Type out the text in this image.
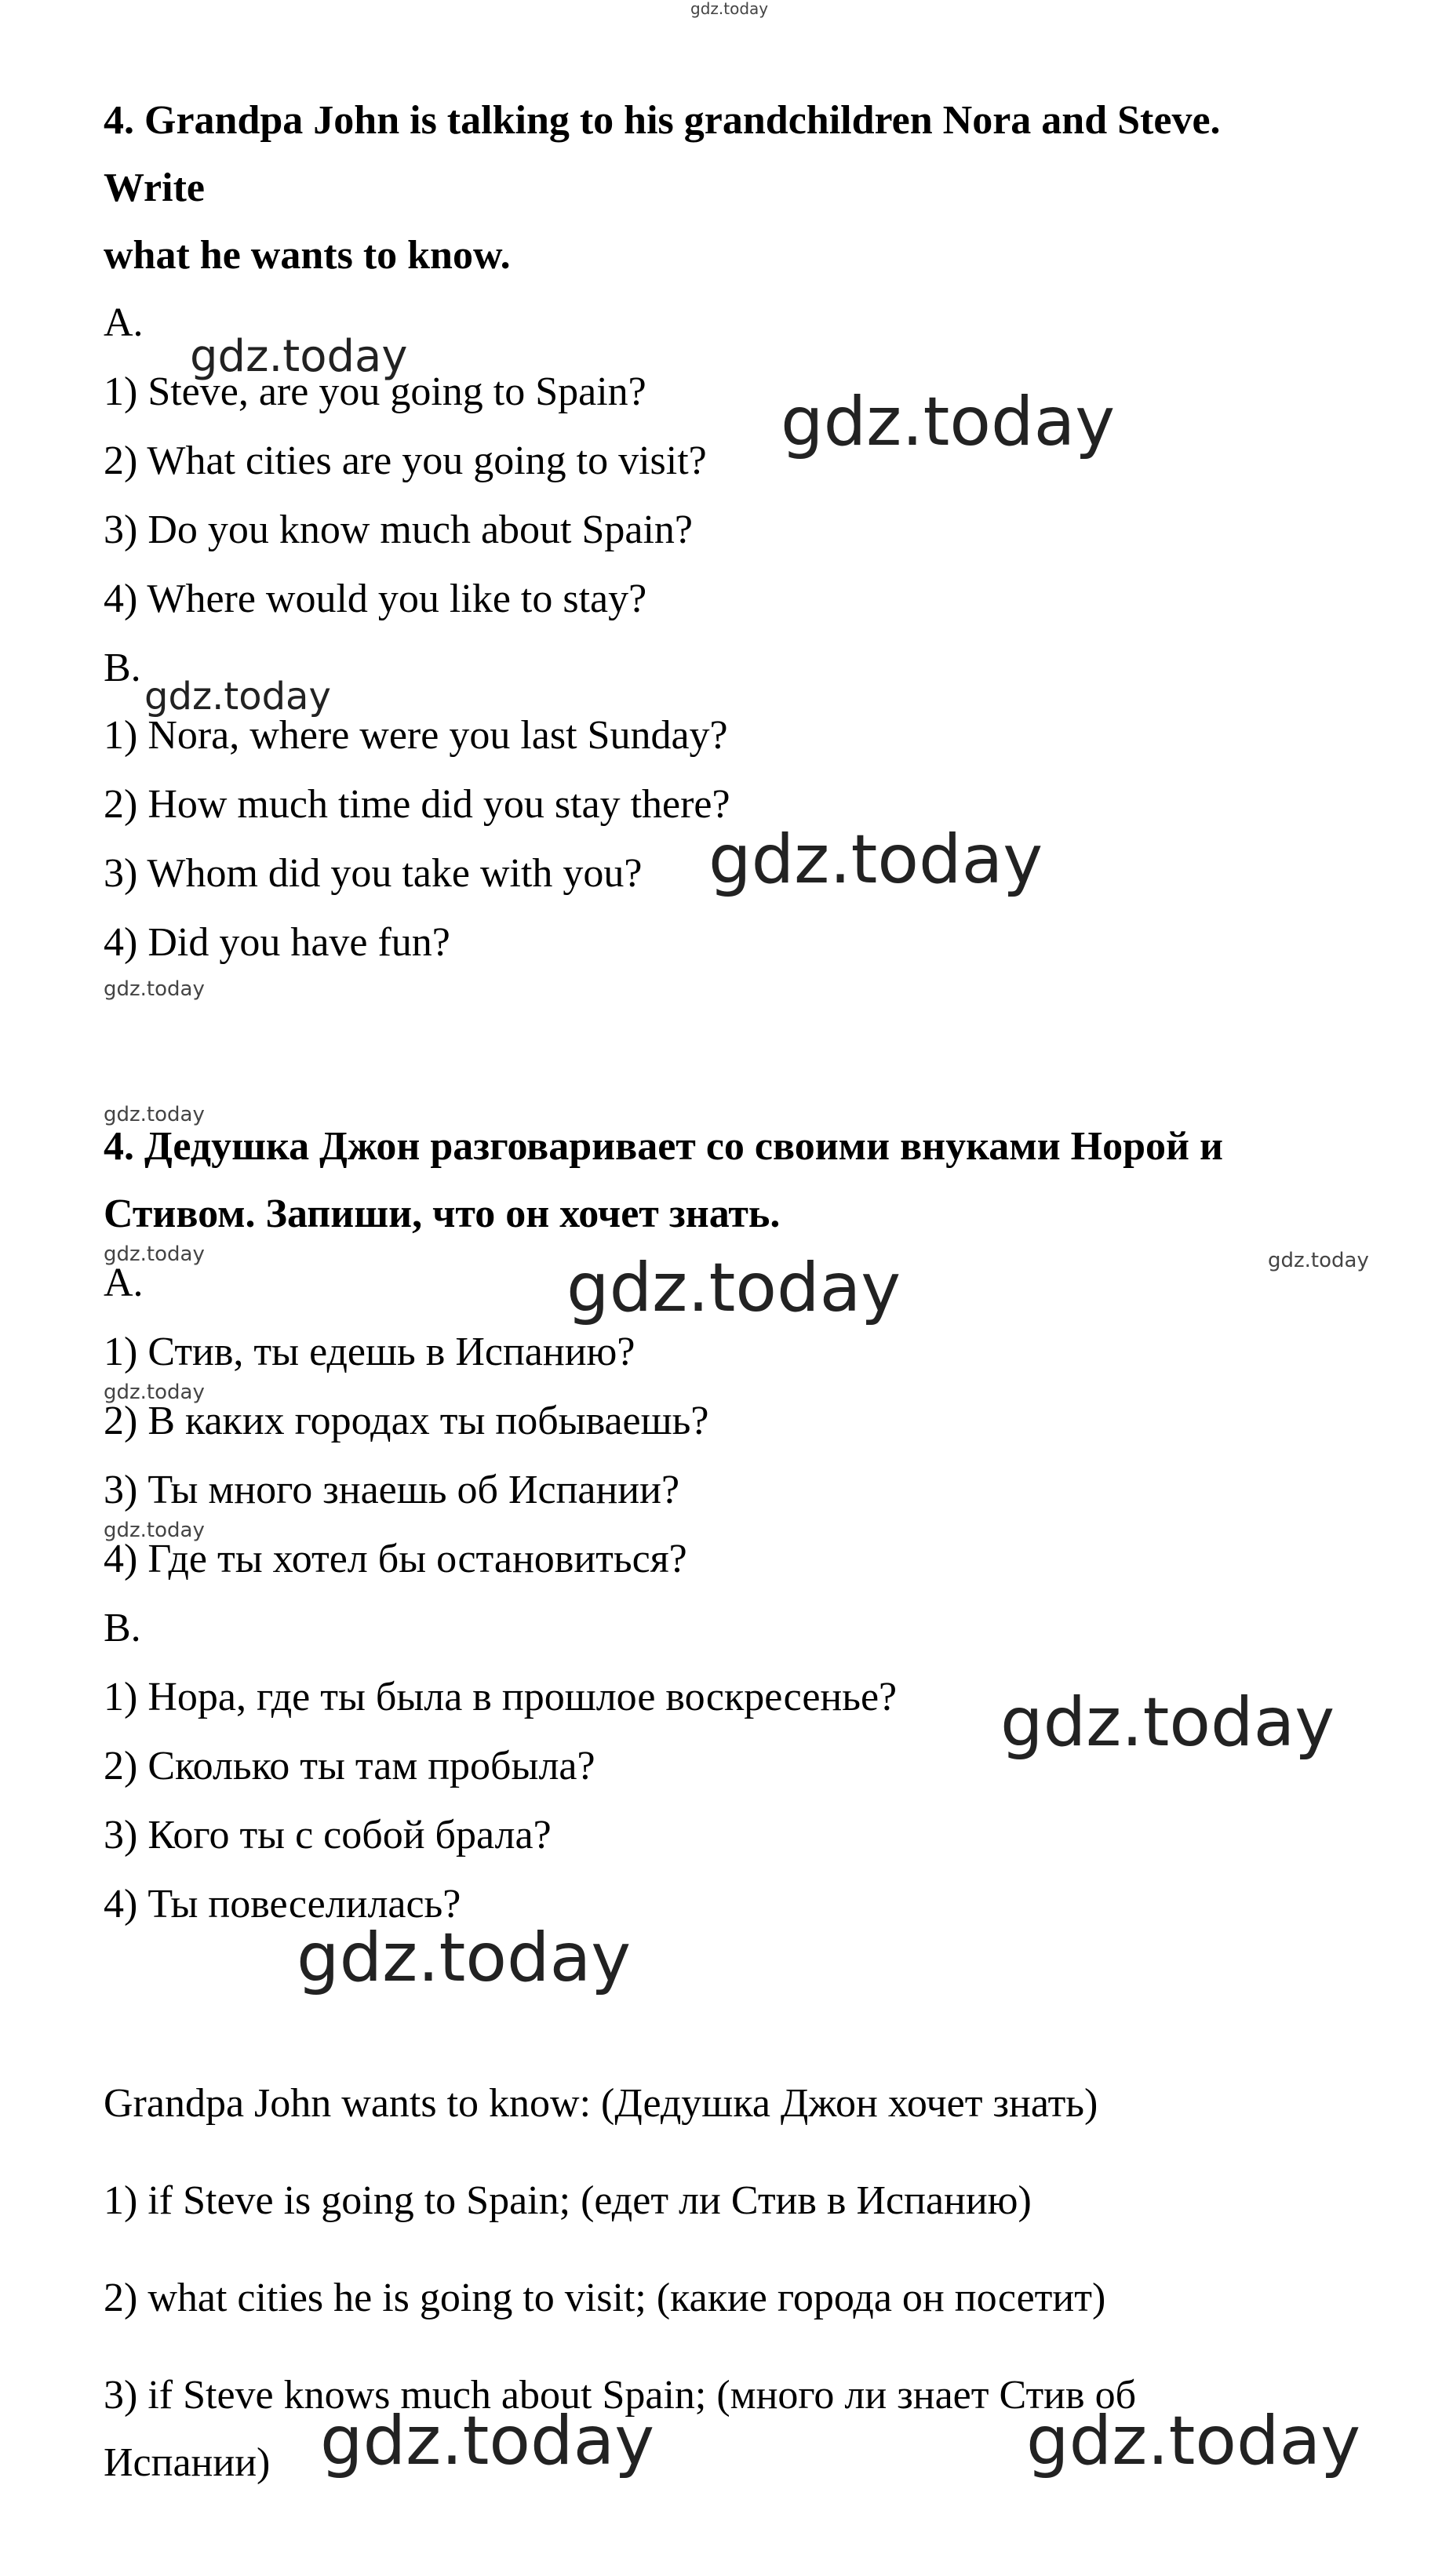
gdz.today
4. Grandpa John is talking to his grandchildren Nora and Steve.
Write
what he wants to know.
A.
gdz.today
1) Steve, are you going to Spain? gdz.today
2) What cities are you going to visit?
3) Do you know much about Spain?
4) Where would you like to stay?
B.
gdz.today
1) Nora, where were you last Sunday?
2) How much time did you stay there?
3) Whom did you take with you? gdz.today
4) Did you have fun?
gdz.today
gdz.today
4. Дедушка Джон разговаривает со своими внуками Норой и
Стивом. Запиши, что он хочет знать.
gdz.today	gdz.today
A.	gdz.today
1) Стив, ты едешь в Испанию?
gdz.today
2) В каких городах ты побываешь?
3) Ты много знаешь об Испании?
gdz.today
4) Где ты хотел бы остановиться?
B.
1) Нора, где ты была в прошлое воскресенье? gdz.today
2) Сколько ты там пробыла?
3) Кого ты с собой брала?
4) Ты повеселилась?
gdz.today
Grandpa John wants to know: (Дедушка Джон хочет знать)
1) if Steve is going to Spain; (едет ли Стив в Испанию)
2) what cities he is going to visit; (какие города он посетит)
3) if Steve knows much about Spain; (много ли знает Стив об
Испании) gdz.today	gdz.today
